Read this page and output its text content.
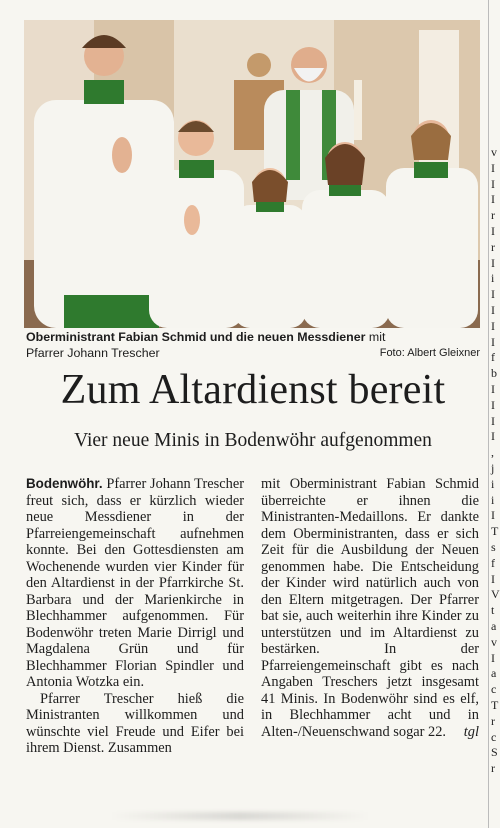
Oberministrant Fabian Schmid und die neuen Messdiener mit
Pfarrer Johann Trescher	Foto: Albert Gleixner
Zum Altardienst bereit
Vier neue Minis in Bodenwöhr aufgenommen

Bodenwöhr. Pfarrer Johann Trescher freut sich, dass er kürzlich wieder neue Messdiener in der Pfarreiengemeinschaft aufnehmen konnte. Bei den Gottesdiensten am Wochenende wurden vier Kinder für den Altardienst in der Pfarrkirche St. Barbara und der Marienkirche in Blechhammer aufgenommen. Für Bodenwöhr treten Marie Dirrigl und Magdalena Grün und für Blechhammer Florian Spindler und Antonia Wotzka ein.

Pfarrer Trescher hieß die Ministranten willkommen und wünschte viel Freude und Eifer bei ihrem Dienst. Zusammen

mit Oberministrant Fabian Schmid überreichte er ihnen die Ministranten-Medaillons. Er dankte dem Oberministranten, dass er sich Zeit für die Ausbildung der Neuen genommen habe. Die Entscheidung der Kinder wird natürlich auch von den Eltern mitgetragen. Der Pfarrer bat sie, auch weiterhin ihre Kinder zu unterstützen und im Altardienst zu bestärken. In der Pfarreiengemeinschaft gibt es nach Angaben Treschers jetzt insgesamt 41 Minis. In Bodenwöhr sind es elf, in Blechhammer acht und in Alten-/Neuenschwand sogar 22. tgl

v
I
I
I
r
I
r
I
i
I
I
I
I
f
b
I
I
I
I
,
j
i
i
I
T
s
f
I
V
t
a
v
I
a
c
T
r
c
S
r
